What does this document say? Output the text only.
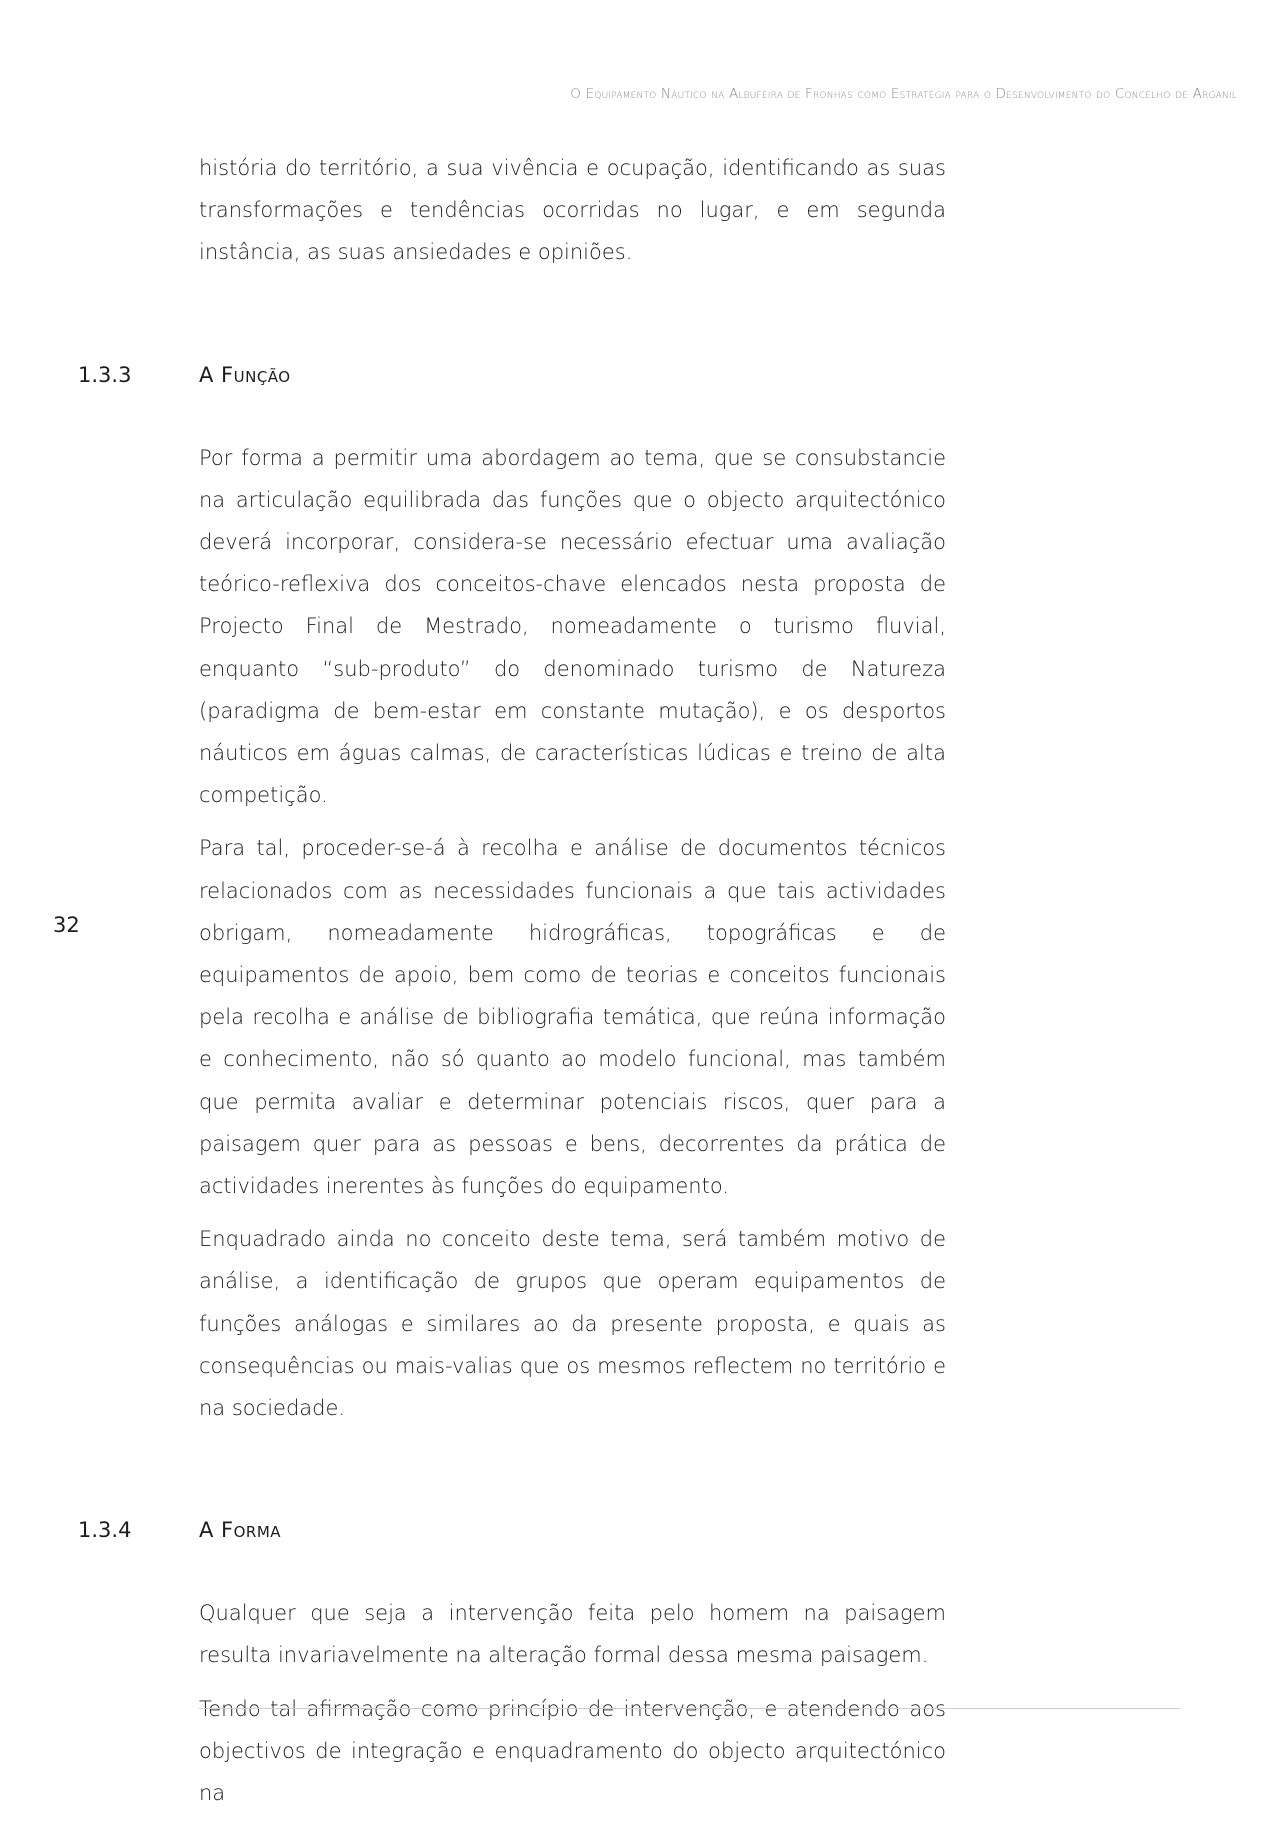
O Equipamento Náutico na Albufeira de Fronhas como Estratégia para o Desenvolvimento do Concelho de Arganil
32

história do território, a sua vivência e ocupação, identificando as suas transformações e tendências ocorridas no lugar, e em segunda instância, as suas ansiedades e opiniões.

1.3.3	A Função

Por forma a permitir uma abordagem ao tema, que se consubstancie na articulação equilibrada das funções que o objecto arquitectónico deverá incorporar, considera-se necessário efectuar uma avaliação teórico-reflexiva dos conceitos-chave elencados nesta proposta de Projecto Final de Mestrado, nomeadamente o turismo fluvial, enquanto “sub-produto” do denominado turismo de Natureza (paradigma de bem-estar em constante mutação), e os desportos náuticos em águas calmas, de características lúdicas e treino de alta competição.

Para tal, proceder-se-á à recolha e análise de documentos técnicos relacionados com as necessidades funcionais a que tais actividades obrigam, nomeadamente hidrográficas, topográficas e de equipamentos de apoio, bem como de teorias e conceitos funcionais pela recolha e análise de bibliografia temática, que reúna informação e conhecimento, não só quanto ao modelo funcional, mas também que permita avaliar e determinar potenciais riscos, quer para a paisagem quer para as pessoas e bens, decorrentes da prática de actividades inerentes às funções do equipamento.

Enquadrado ainda no conceito deste tema, será também motivo de análise, a identificação de grupos que operam equipamentos de funções análogas e similares ao da presente proposta, e quais as consequências ou mais-valias que os mesmos reflectem no território e na sociedade.

1.3.4	A Forma

Qualquer que seja a intervenção feita pelo homem na paisagem resulta invariavelmente na alteração formal dessa mesma paisagem.

Tendo tal afirmação como princípio de intervenção, e atendendo aos objectivos de integração e enquadramento do objecto arquitectónico na
